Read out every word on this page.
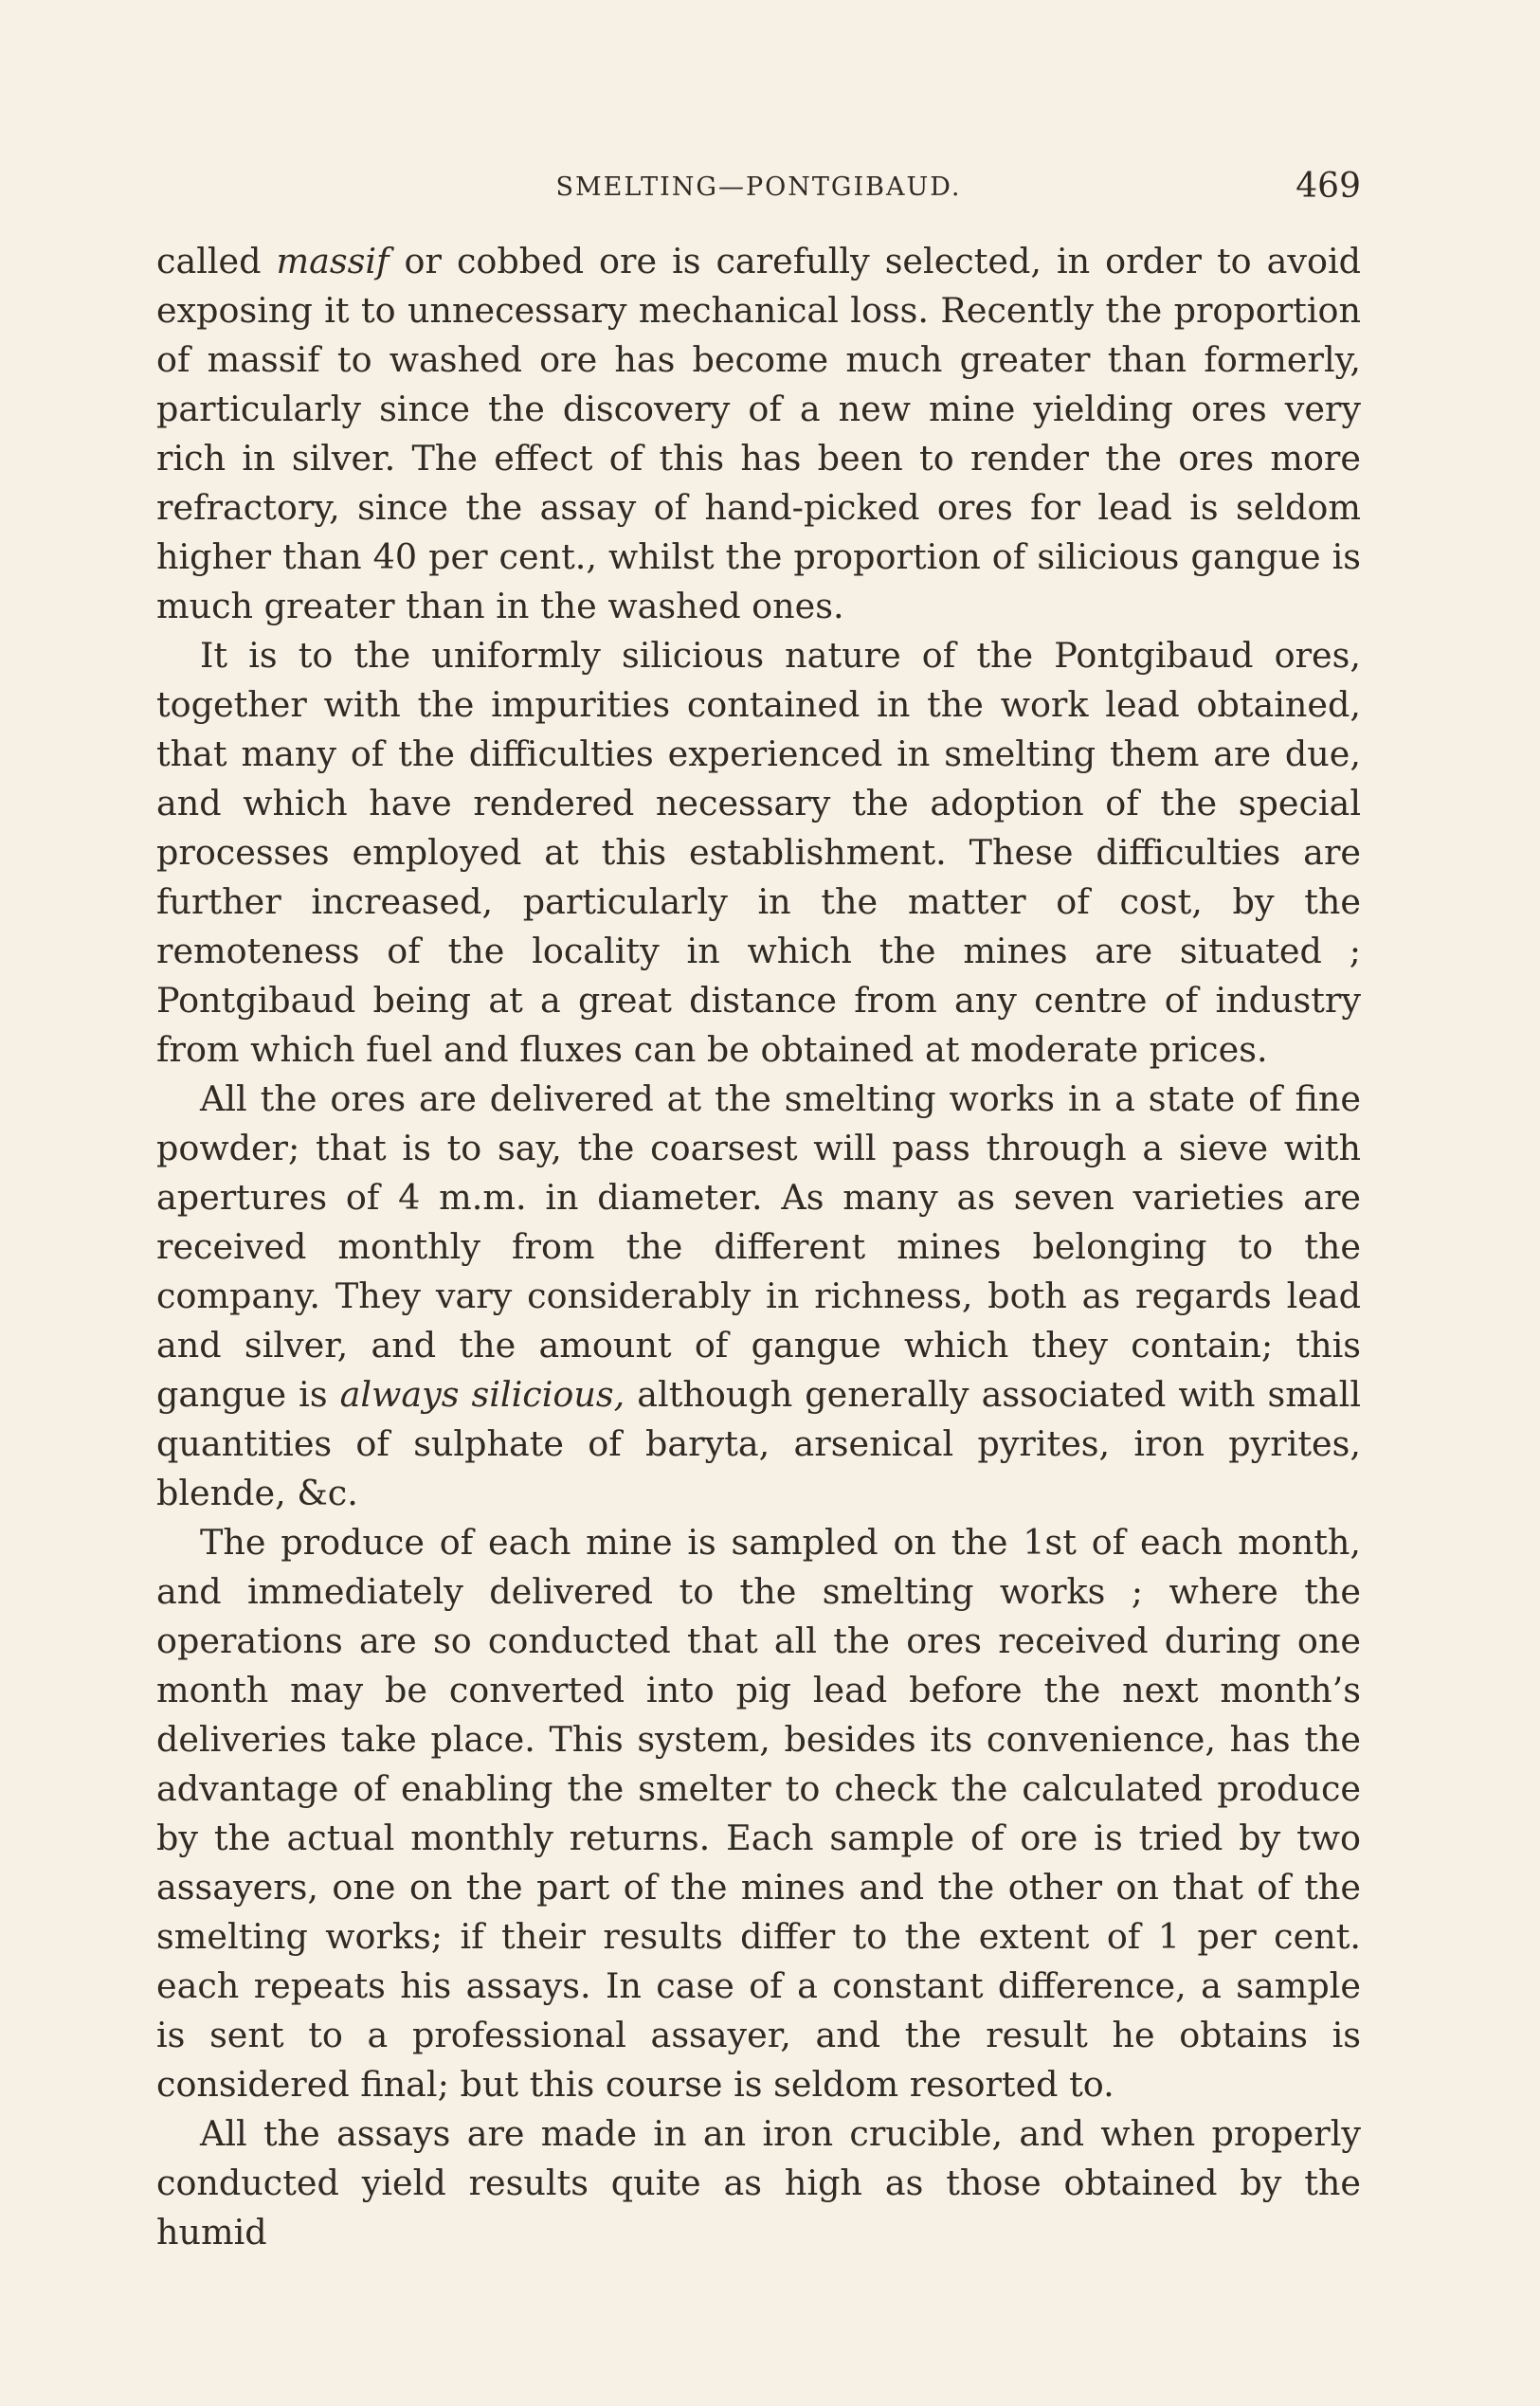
SMELTING—PONTGIBAUD.	469

called massif or cobbed ore is carefully selected, in order to avoid exposing it to unnecessary mechanical loss. Recently the proportion of massif to washed ore has become much greater than formerly, particularly since the discovery of a new mine yielding ores very rich in silver. The effect of this has been to render the ores more refractory, since the assay of hand-picked ores for lead is seldom higher than 40 per cent., whilst the proportion of silicious gangue is much greater than in the washed ones.

It is to the uniformly silicious nature of the Pontgibaud ores, together with the impurities contained in the work lead obtained, that many of the difficulties experienced in smelting them are due, and which have rendered necessary the adoption of the special processes employed at this establishment. These difficulties are further increased, particularly in the matter of cost, by the remoteness of the locality in which the mines are situated ; Pontgibaud being at a great distance from any centre of industry from which fuel and fluxes can be obtained at moderate prices.

All the ores are delivered at the smelting works in a state of fine powder; that is to say, the coarsest will pass through a sieve with apertures of 4 m.m. in diameter. As many as seven varieties are received monthly from the different mines belonging to the company. They vary considerably in richness, both as regards lead and silver, and the amount of gangue which they contain; this gangue is always silicious, although generally associated with small quantities of sulphate of baryta, arsenical pyrites, iron pyrites, blende, &c.

The produce of each mine is sampled on the 1st of each month, and immediately delivered to the smelting works ; where the operations are so conducted that all the ores received during one month may be converted into pig lead before the next month’s deliveries take place. This system, besides its convenience, has the advantage of enabling the smelter to check the calculated produce by the actual monthly returns. Each sample of ore is tried by two assayers, one on the part of the mines and the other on that of the smelting works; if their results differ to the extent of 1 per cent. each repeats his assays. In case of a constant difference, a sample is sent to a professional assayer, and the result he obtains is considered final; but this course is seldom resorted to.

All the assays are made in an iron crucible, and when properly conducted yield results quite as high as those obtained by the humid
